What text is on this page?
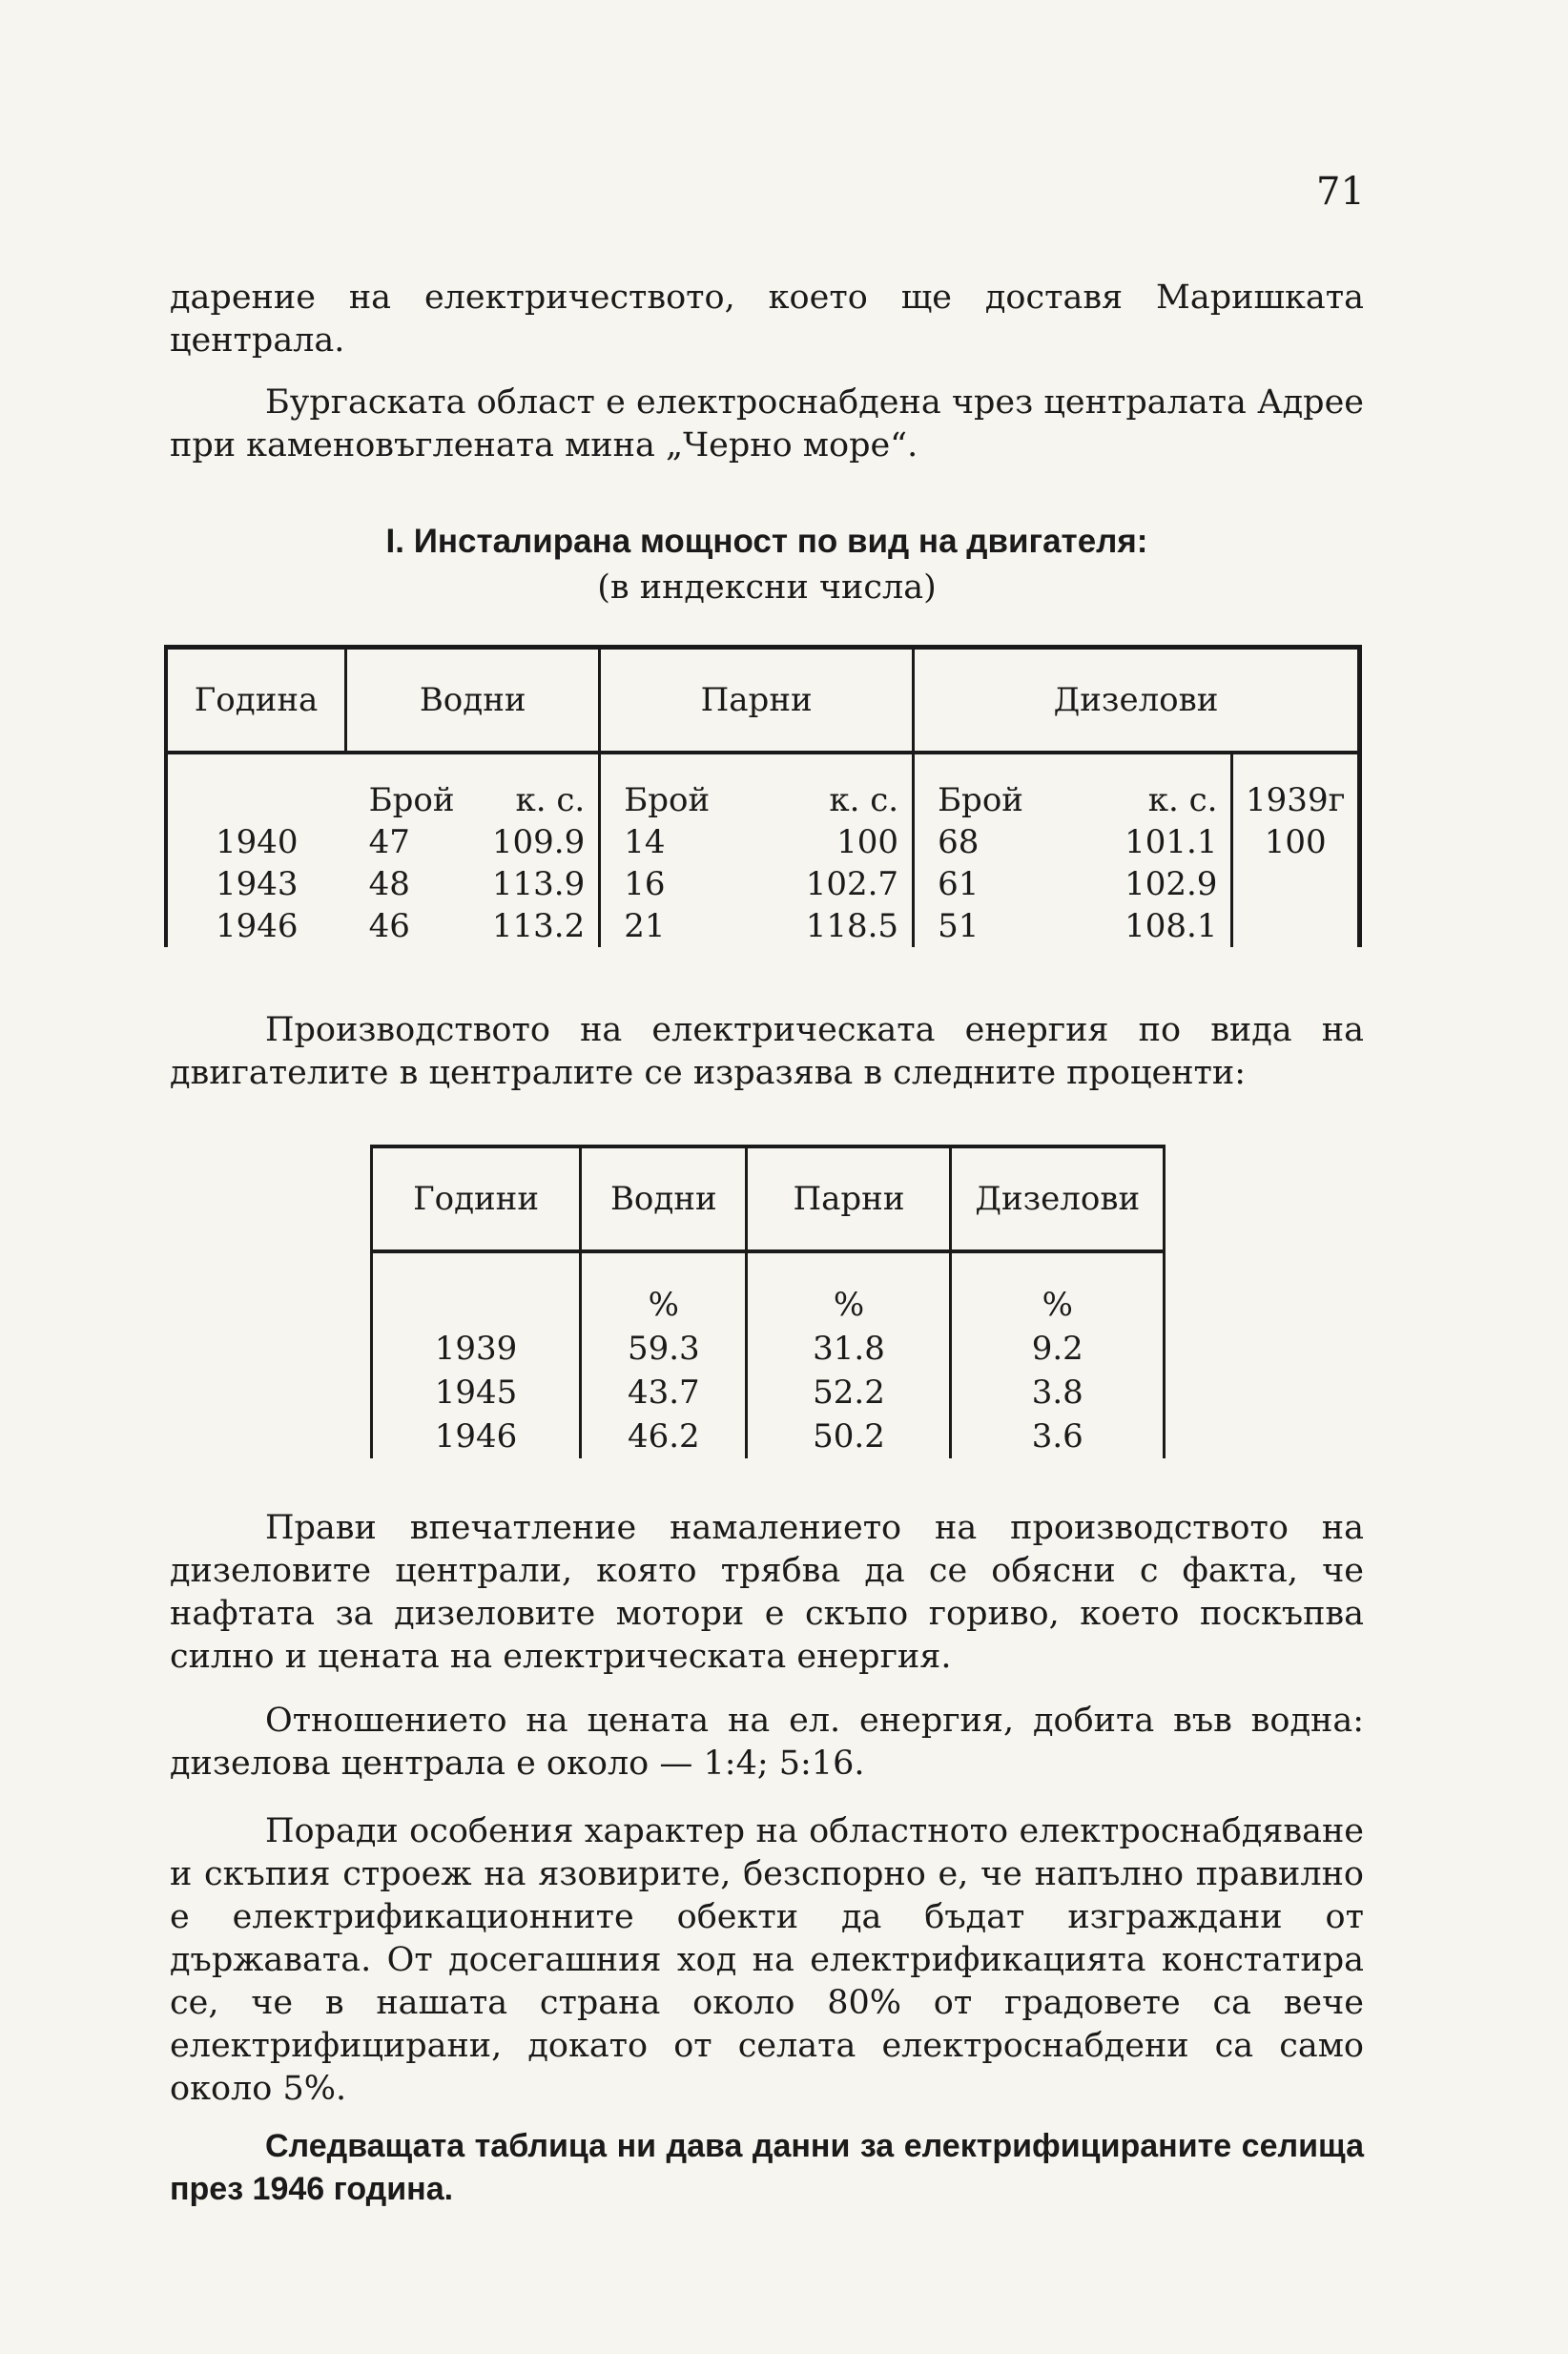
71

дарение на електричеството, което ще доставя Маришката централа.

Бургаската област е електроснабдена чрез централата Адрее при каменовъглената мина „Черно море“.

I. Инсталирана мощност по вид на двигателя:
(в индексни числа)
Година	Водни		Парни		Дизелови		
	Брой	к. с.	Брой	к. с.	Брой	к. с.	1939г
1940	47	109.9	14	100	68	101.1	100
1943	48	113.9	16	102.7	61	102.9	
1946	46	113.2	21	118.5	51	108.1	

Производството на електрическата енергия по вида на двигателите в централите се изразява в следните проценти:

Години	Водни	Парни	Дизелови
	%	%	%
1939	59.3	31.8	9.2
1945	43.7	52.2	3.8
1946	46.2	50.2	3.6

Прави впечатление намалението на производството на дизеловите централи, която трябва да се обясни с факта, че нафтата за дизеловите мотори е скъпо гориво, което поскъпва силно и цената на електрическата енергия.

Отношението на цената на ел. енергия, добита във водна: дизелова централа е около — 1:4; 5:16.

Поради особения характер на областното електроснабдяване и скъпия строеж на язовирите, безспорно е, че напълно правилно е електрификационните обекти да бъдат изграждани от държавата. От досегашния ход на електрификацията констатира се, че в нашата страна около 80% от градовете са вече електрифицирани, докато от селата електроснабдени са само около 5%.

Следващата таблица ни дава данни за електрифицираните селища през 1946 година.
